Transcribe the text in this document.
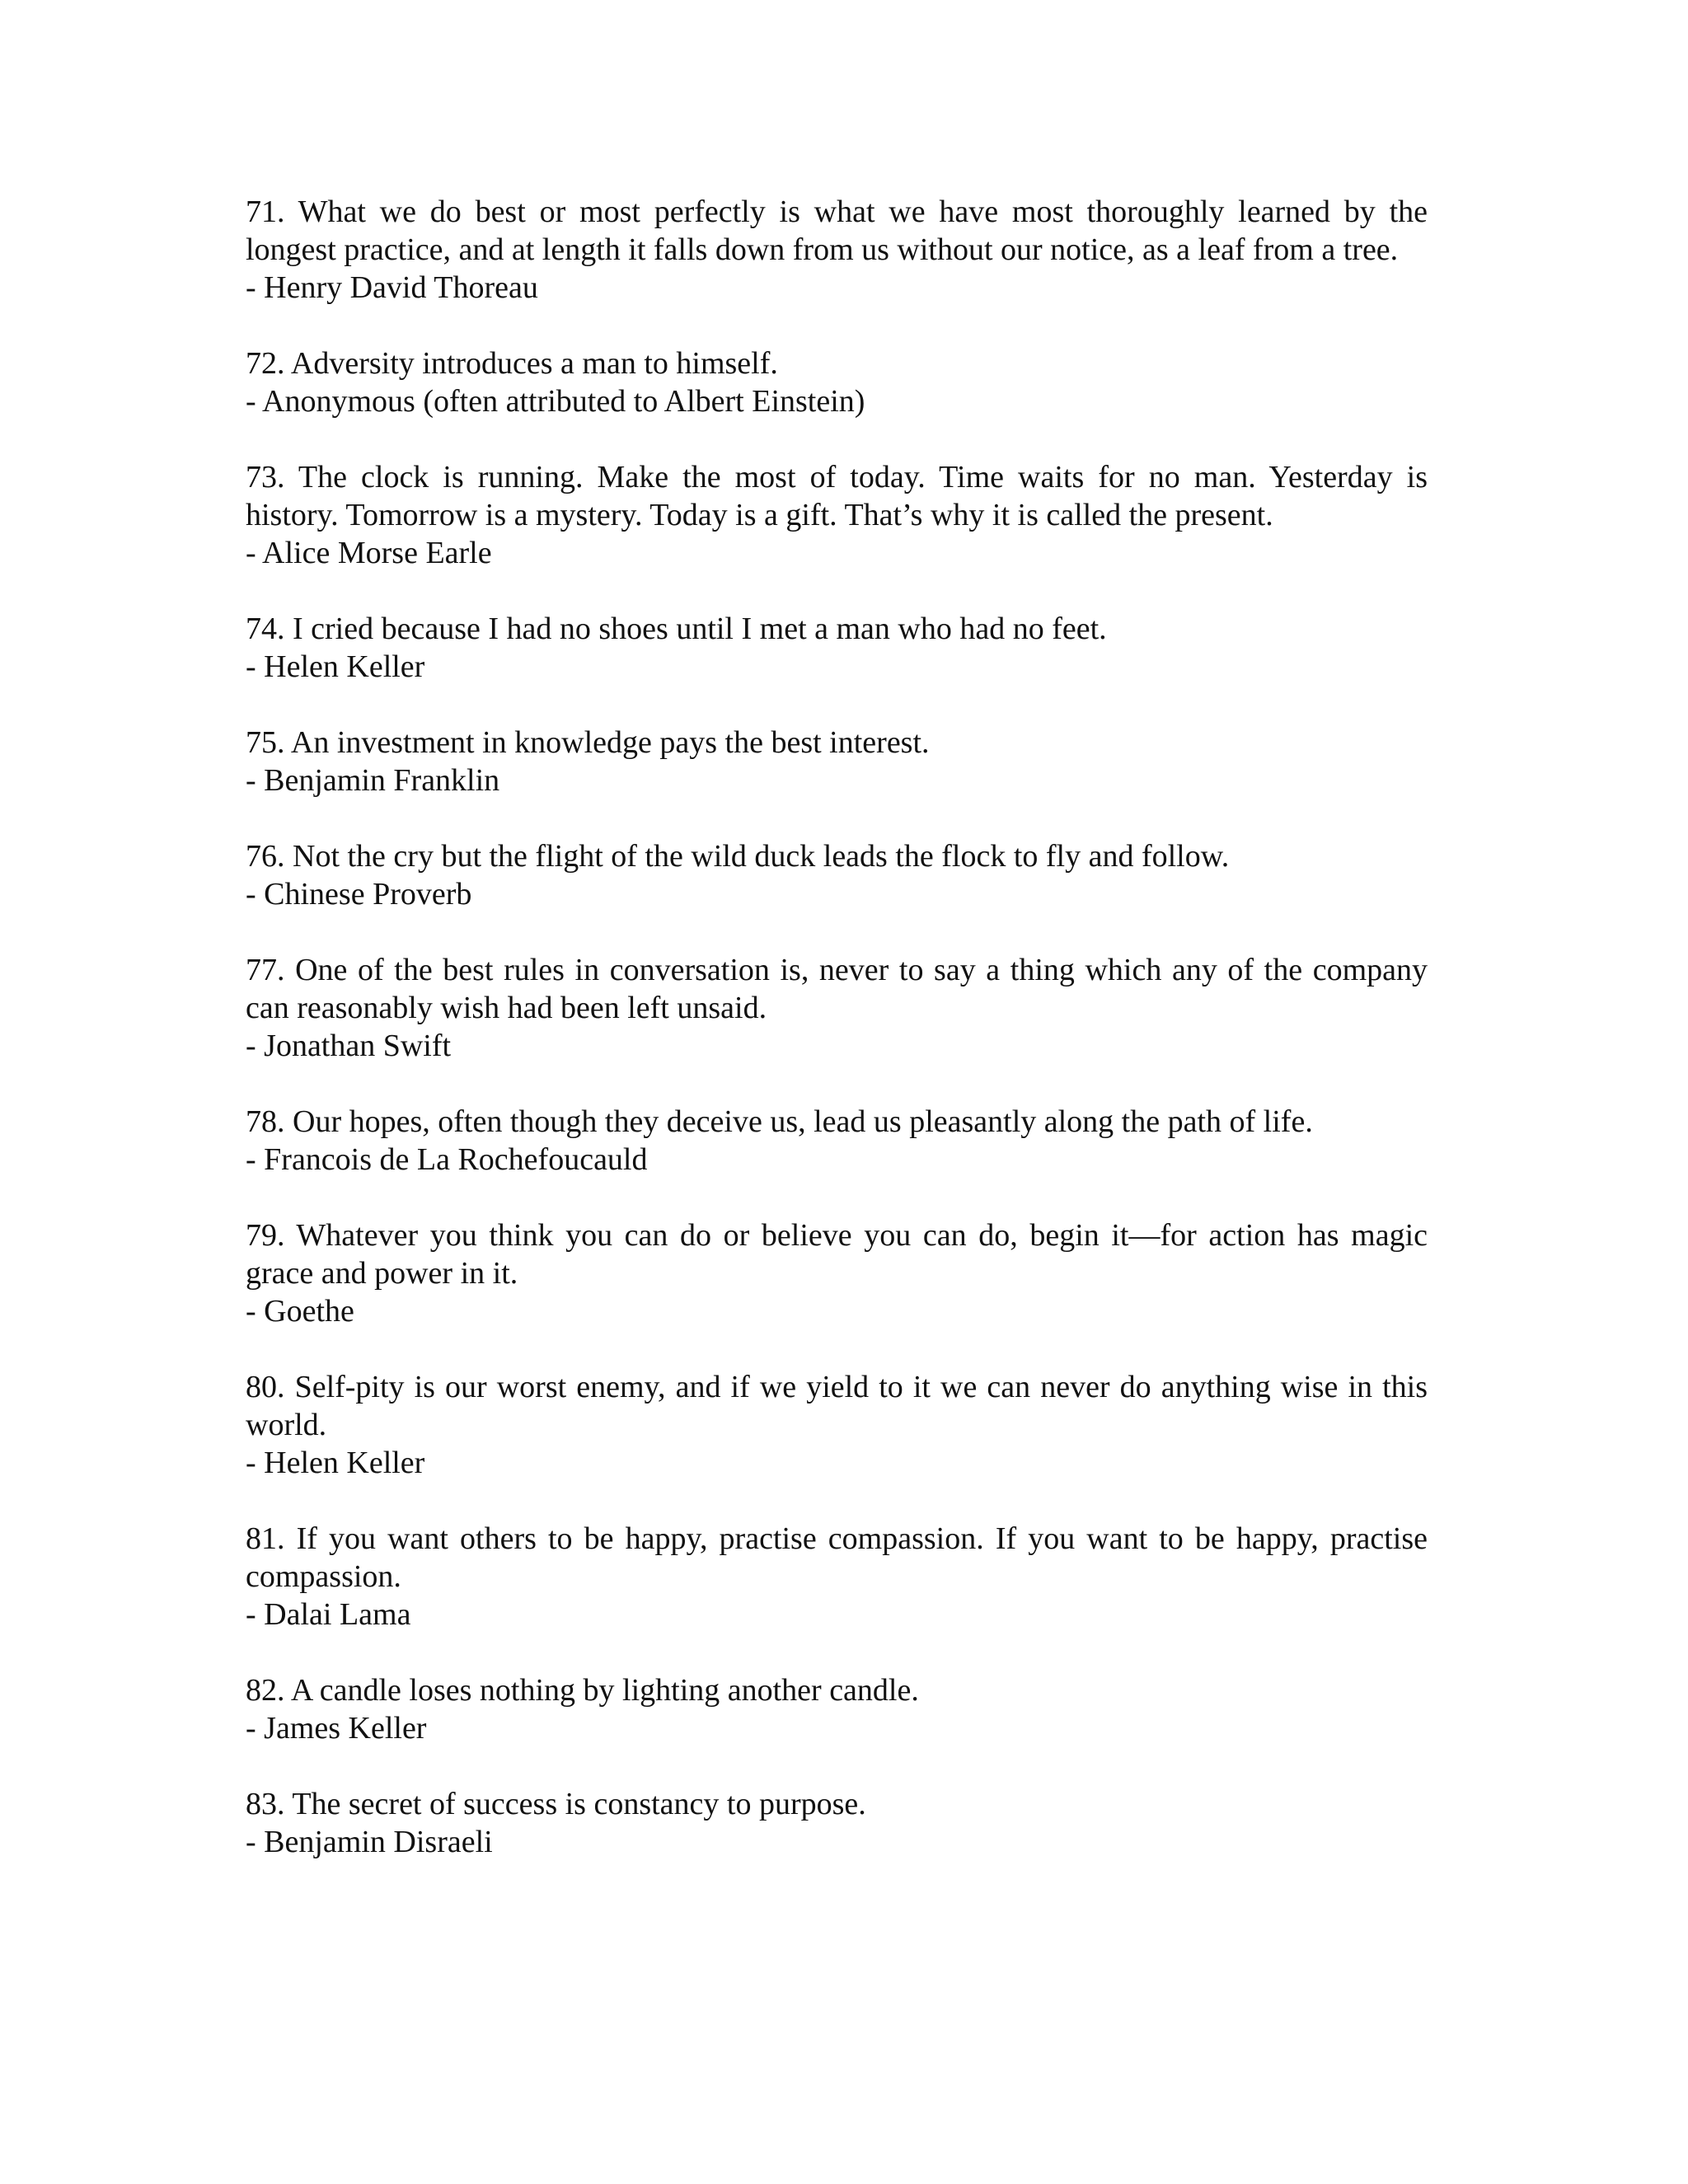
71. What we do best or most perfectly is what we have most thoroughly learned by the longest practice, and at length it falls down from us without our notice, as a leaf from a tree.

- Henry David Thoreau

72. Adversity introduces a man to himself.

- Anonymous (often attributed to Albert Einstein)

73. The clock is running. Make the most of today. Time waits for no man. Yesterday is history. Tomorrow is a mystery. Today is a gift. That’s why it is called the present.

- Alice Morse Earle

74. I cried because I had no shoes until I met a man who had no feet.

- Helen Keller

75. An investment in knowledge pays the best interest.

- Benjamin Franklin

76. Not the cry but the flight of the wild duck leads the flock to fly and follow.

- Chinese Proverb

77. One of the best rules in conversation is, never to say a thing which any of the company can reasonably wish had been left unsaid.

- Jonathan Swift

78. Our hopes, often though they deceive us, lead us pleasantly along the path of life.

- Francois de La Rochefoucauld

79. Whatever you think you can do or believe you can do, begin it—for action has magic grace and power in it.

- Goethe

80. Self-pity is our worst enemy, and if we yield to it we can never do anything wise in this world.

- Helen Keller

81. If you want others to be happy, practise compassion. If you want to be happy, practise compassion.

- Dalai Lama

82. A candle loses nothing by lighting another candle.

- James Keller

83. The secret of success is constancy to purpose.

- Benjamin Disraeli
